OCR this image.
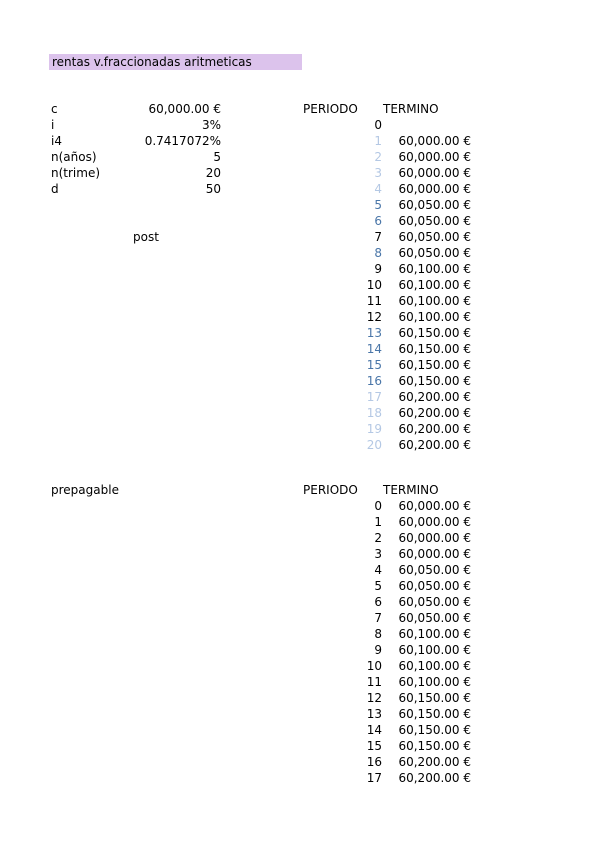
rentas v.fraccionadas aritmeticas
c	60,000.00 €
i	3%
i4	0.7417072%
n(años)	5
n(trime)	20
d	50
post
prepagable
PERIODO TERMINO
PERIODO TERMINO
0
1	60,000.00 €
2	60,000.00 €
3	60,000.00 €
4	60,000.00 €
5	60,050.00 €
6	60,050.00 €
7	60,050.00 €
8	60,050.00 €
9	60,100.00 €
10	60,100.00 €
11	60,100.00 €
12	60,100.00 €
13	60,150.00 €
14	60,150.00 €
15	60,150.00 €
16	60,150.00 €
17	60,200.00 €
18	60,200.00 €
19	60,200.00 €
20	60,200.00 €
0	60,000.00 €
1	60,000.00 €
2	60,000.00 €
3	60,000.00 €
4	60,050.00 €
5	60,050.00 €
6	60,050.00 €
7	60,050.00 €
8	60,100.00 €
9	60,100.00 €
10	60,100.00 €
11	60,100.00 €
12	60,150.00 €
13	60,150.00 €
14	60,150.00 €
15	60,150.00 €
16	60,200.00 €
17	60,200.00 €
